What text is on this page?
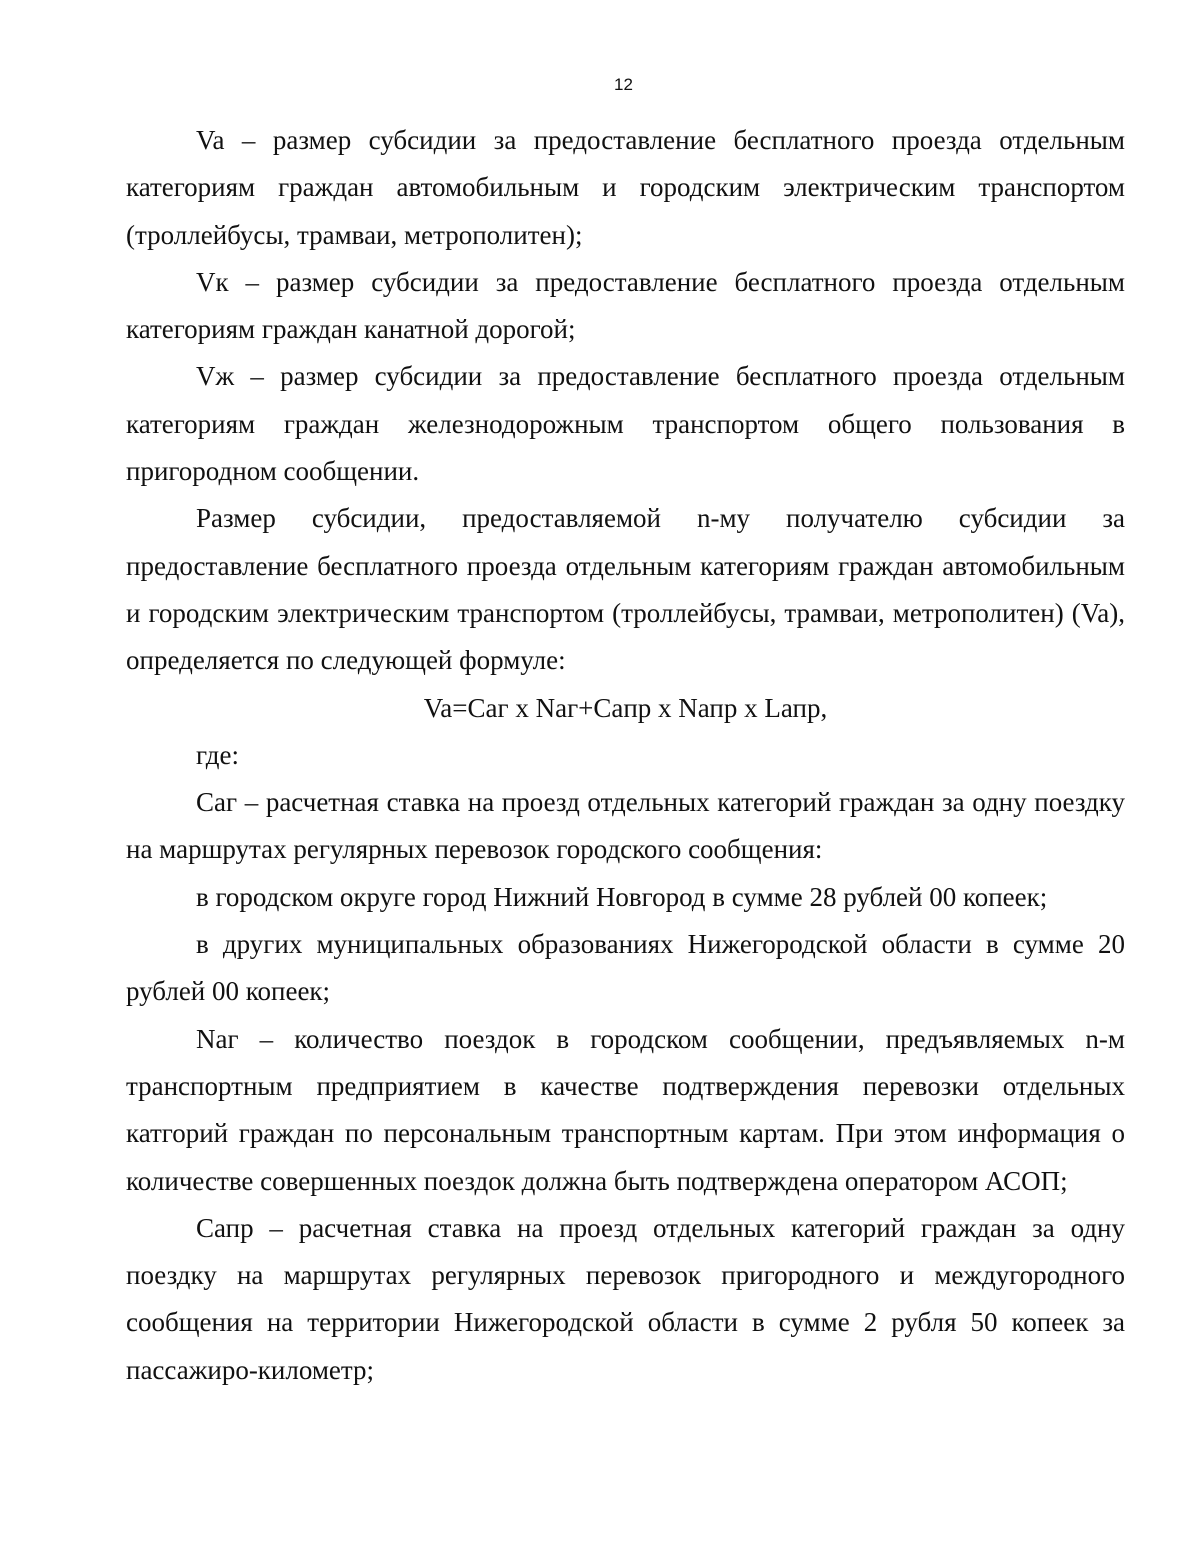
12

Va – размер субсидии за предоставление бесплатного проезда отдельным категориям граждан автомобильным и городским электрическим транспортом (троллейбусы, трамваи, метрополитен);

Vк – размер субсидии за предоставление бесплатного проезда отдельным категориям граждан канатной дорогой;

Vж – размер субсидии за предоставление бесплатного проезда отдельным категориям граждан железнодорожным транспортом общего пользования в пригородном сообщении.

Размер субсидии, предоставляемой n-му получателю субсидии за предоставление бесплатного проезда отдельным категориям граждан автомобильным и городским электрическим транспортом (троллейбусы, трамваи, метрополитен) (Va), определяется по следующей формуле:

Va=Caг x Naг+Caпр x Nапр x Lапр,

где:

Саг – расчетная ставка на проезд отдельных категорий граждан за одну поездку на маршрутах регулярных перевозок городского сообщения:

в городском округе город Нижний Новгород в сумме 28 рублей 00 копеек;

в других муниципальных образованиях Нижегородской области в сумме 20 рублей 00 копеек;

Naг – количество поездок в городском сообщении, предъявляемых n-м транспортным предприятием в качестве подтверждения перевозки отдельных катгорий граждан по персональным транспортным картам. При этом информация о количестве совершенных поездок должна быть подтверждена оператором АСОП;

Сапр – расчетная ставка на проезд отдельных категорий граждан за одну поездку на маршрутах регулярных перевозок пригородного и междугородного сообщения на территории Нижегородской области в сумме 2 рубля 50 копеек за пассажиро-километр;
